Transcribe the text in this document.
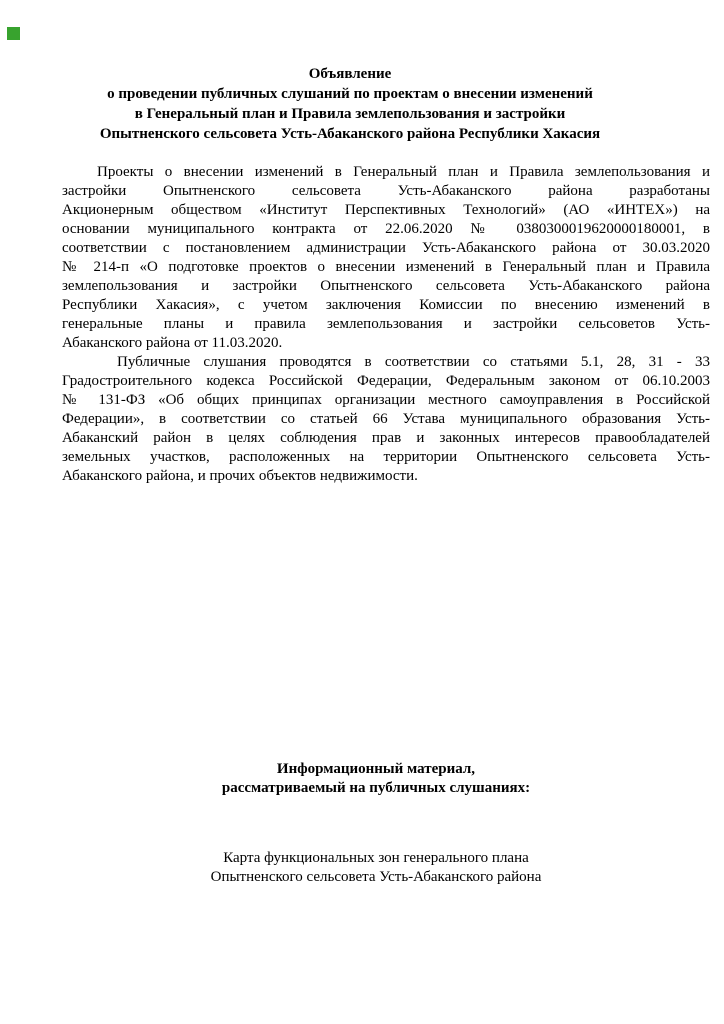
Объявление
о проведении публичных слушаний по проектам о внесении изменений
в Генеральный план и Правила землепользования и застройки
Опытненского сельсовета Усть-Абаканского района Республики Хакасия
Проекты о внесении изменений в Генеральный план и Правила землепользования и
застройки Опытненского сельсовета Усть-Абаканского района разработаны
Акционерным обществом «Институт Перспективных Технологий» (АО «ИНТЕХ») на
основании муниципального контракта от 22.06.2020 № 0380300019620000180001, в
соответствии с постановлением администрации Усть-Абаканского района от 30.03.2020
№ 214-п «О подготовке проектов о внесении изменений в Генеральный план и Правила
землепользования и застройки Опытненского сельсовета Усть-Абаканского района
Республики Хакасия», с учетом заключения Комиссии по внесению изменений в
генеральные планы и правила землепользования и застройки сельсоветов Усть-
Абаканского района от 11.03.2020.
Публичные слушания проводятся в соответствии со статьями 5.1, 28, 31 - 33
Градостроительного кодекса Российской Федерации, Федеральным законом от 06.10.2003
№ 131-ФЗ «Об общих принципах организации местного самоуправления в Российской
Федерации», в соответствии со статьей 66 Устава муниципального образования Усть-
Абаканский район в целях соблюдения прав и законных интересов правообладателей
земельных участков, расположенных на территории Опытненского сельсовета Усть-
Абаканского района, и прочих объектов недвижимости.
Информационный материал,
рассматриваемый на публичных слушаниях:
Карта функциональных зон генерального плана
Опытненского сельсовета Усть-Абаканского района
